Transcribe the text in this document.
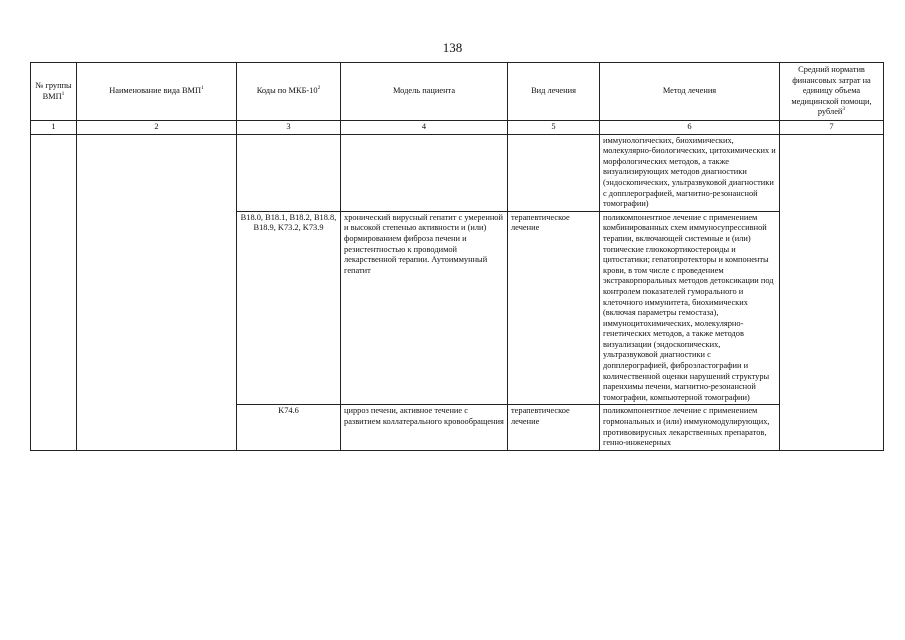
138
№ группы ВМП$^1$	Наименование вида ВМП$^1$	Коды по МКБ-$10^2$	Модель пациента	Вид лечения	Метод лечения	Средний норматив финансовых затрат на единицу объема медицинской помощи, рублей$^3$
1	2	3	4	5	6	7
					иммунологических, биохимических, молекулярно-биологических, цитохимических и морфологических методов, а также визуализирующих методов диагностики (эндоскопических, ультразвуковой диагностики с допплерографией, магнитно-резонансной томографии)	
		B18.0, B18.1, B18.2, B18.8, B18.9, K73.2, K73.9	хронический вирусный гепатит с умеренной и высокой степенью активности и (или) формированием фиброза печени и резистентностью к проводимой лекарственной терапии. Аутоиммунный гепатит	терапевтическое лечение	поликомпонентное лечение с применением комбинированных схем иммуносупрессивной терапии, включающей системные и (или) топические глюкокортикостероиды и цитостатики; гепатопротекторы и компоненты крови, в том числе с проведением экстракорпоральных методов детоксикации под контролем показателей гуморального и клеточного иммунитета, биохимических (включая параметры гемостаза), иммуноцитохимических, молекулярно-генетических методов, а также методов визуализации (эндоскопических, ультразвуковой диагностики с допплерографией, фиброэластографии и количественной оценки нарушений структуры паренхимы печени, магнитно-резонансной томографии, компьютерной томографии)	
		K74.6	цирроз печени, активное течение с развитием коллатерального кровообращения	терапевтическое лечение	поликомпонентное лечение с применением гормональных и (или) иммуномодулирующих, противовирусных лекарственных препаратов, генно-инженерных	
